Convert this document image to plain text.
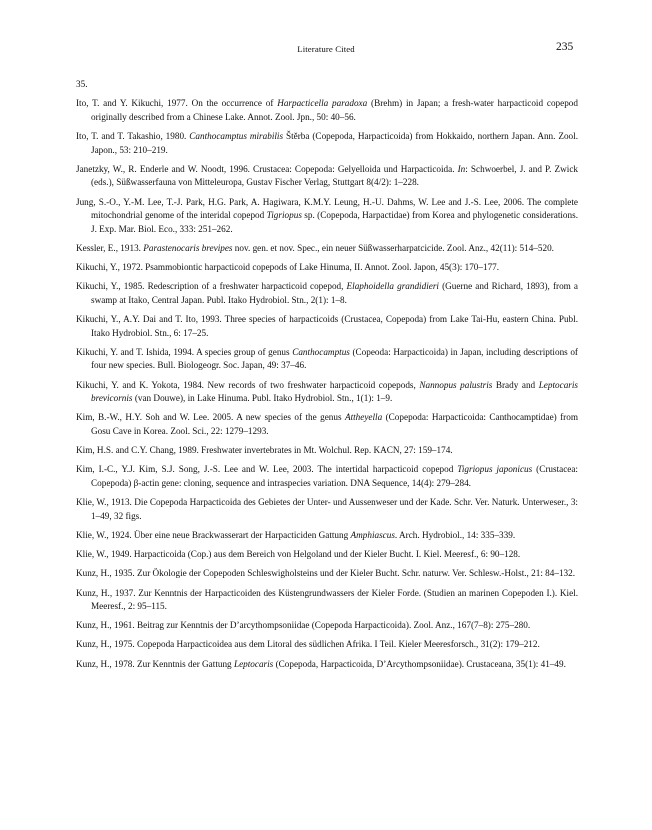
Literature Cited	235

35.

Ito, T. and Y. Kikuchi, 1977. On the occurrence of Harpacticella paradoxa (Brehm) in Japan; a fresh-water harpacticoid copepod originally described from a Chinese Lake. Annot. Zool. Jpn., 50: 40–56.

Ito, T. and T. Takashio, 1980. Canthocamptus mirabilis Štěrba (Copepoda, Harpacticoida) from Hokkaido, northern Japan. Ann. Zool. Japon., 53: 210–219.

Janetzky, W., R. Enderle and W. Noodt, 1996. Crustacea: Copepoda: Gelyelloida und Harpacticoida. In: Schwoerbel, J. and P. Zwick (eds.), Süßwasserfauna von Mitteleuropa, Gustav Fischer Verlag, Stuttgart 8(4/2): 1–228.

Jung, S.-O., Y.-M. Lee, T.-J. Park, H.G. Park, A. Hagiwara, K.M.Y. Leung, H.-U. Dahms, W. Lee and J.-S. Lee, 2006. The complete mitochondrial genome of the interidal copepod Tigriopus sp. (Copepoda, Harpactidae) from Korea and phylogenetic considerations. J. Exp. Mar. Biol. Eco., 333: 251–262.

Kessler, E., 1913. Parastenocaris brevipes nov. gen. et nov. Spec., ein neuer Süßwasserharpatcicide. Zool. Anz., 42(11): 514–520.

Kikuchi, Y., 1972. Psammobiontic harpacticoid copepods of Lake Hinuma, II. Annot. Zool. Japon, 45(3): 170–177.

Kikuchi, Y., 1985. Redescription of a freshwater harpacticoid copepod, Elaphoidella grandidieri (Guerne and Richard, 1893), from a swamp at Itako, Central Japan. Publ. Itako Hydrobiol. Stn., 2(1): 1–8.

Kikuchi, Y., A.Y. Dai and T. Ito, 1993. Three species of harpacticoids (Crustacea, Copepoda) from Lake Tai-Hu, eastern China. Publ. Itako Hydrobiol. Stn., 6: 17–25.

Kikuchi, Y. and T. Ishida, 1994. A species group of genus Canthocamptus (Copeoda: Harpacticoida) in Japan, including descriptions of four new species. Bull. Biologeogr. Soc. Japan, 49: 37–46.

Kikuchi, Y. and K. Yokota, 1984. New records of two freshwater harpacticoid copepods, Nannopus palustris Brady and Leptocaris brevicornis (van Douwe), in Lake Hinuma. Publ. Itako Hydrobiol. Stn., 1(1): 1–9.

Kim, B.-W., H.Y. Soh and W. Lee. 2005. A new species of the genus Attheyella (Copepoda: Harpacticoida: Canthocamptidae) from Gosu Cave in Korea. Zool. Sci., 22: 1279–1293.

Kim, H.S. and C.Y. Chang, 1989. Freshwater invertebrates in Mt. Wolchul. Rep. KACN, 27: 159–174.

Kim, I.-C., Y.J. Kim, S.J. Song, J.-S. Lee and W. Lee, 2003. The intertidal harpacticoid copepod Tigriopus japonicus (Crustacea: Copepoda) β-actin gene: cloning, sequence and intraspecies variation. DNA Sequence, 14(4): 279–284.

Klie, W., 1913. Die Copepoda Harpacticoida des Gebietes der Unter- und Aussenweser und der Kade. Schr. Ver. Naturk. Unterweser., 3: 1–49, 32 figs.

Klie, W., 1924. Über eine neue Brackwasserart der Harpacticiden Gattung Amphiascus. Arch. Hydrobiol., 14: 335–339.

Klie, W., 1949. Harpacticoida (Cop.) aus dem Bereich von Helgoland und der Kieler Bucht. I. Kiel. Meeresf., 6: 90–128.

Kunz, H., 1935. Zur Ökologie der Copepoden Schleswigholsteins und der Kieler Bucht. Schr. naturw. Ver. Schlesw.-Holst., 21: 84–132.

Kunz, H., 1937. Zur Kenntnis der Harpacticoiden des Küstengrundwassers der Kieler Forde. (Studien an marinen Copepoden I.). Kiel. Meeresf., 2: 95–115.

Kunz, H., 1961. Beitrag zur Kenntnis der D’arcythompsoniidae (Copepoda Harpacticoida). Zool. Anz., 167(7–8): 275–280.

Kunz, H., 1975. Copepoda Harpacticoidea aus dem Litoral des südlichen Afrika. I Teil. Kieler Meeresforsch., 31(2): 179–212.

Kunz, H., 1978. Zur Kenntnis der Gattung Leptocaris (Copepoda, Harpacticoida, D’Arcythompsoniidae). Crustaceana, 35(1): 41–49.
